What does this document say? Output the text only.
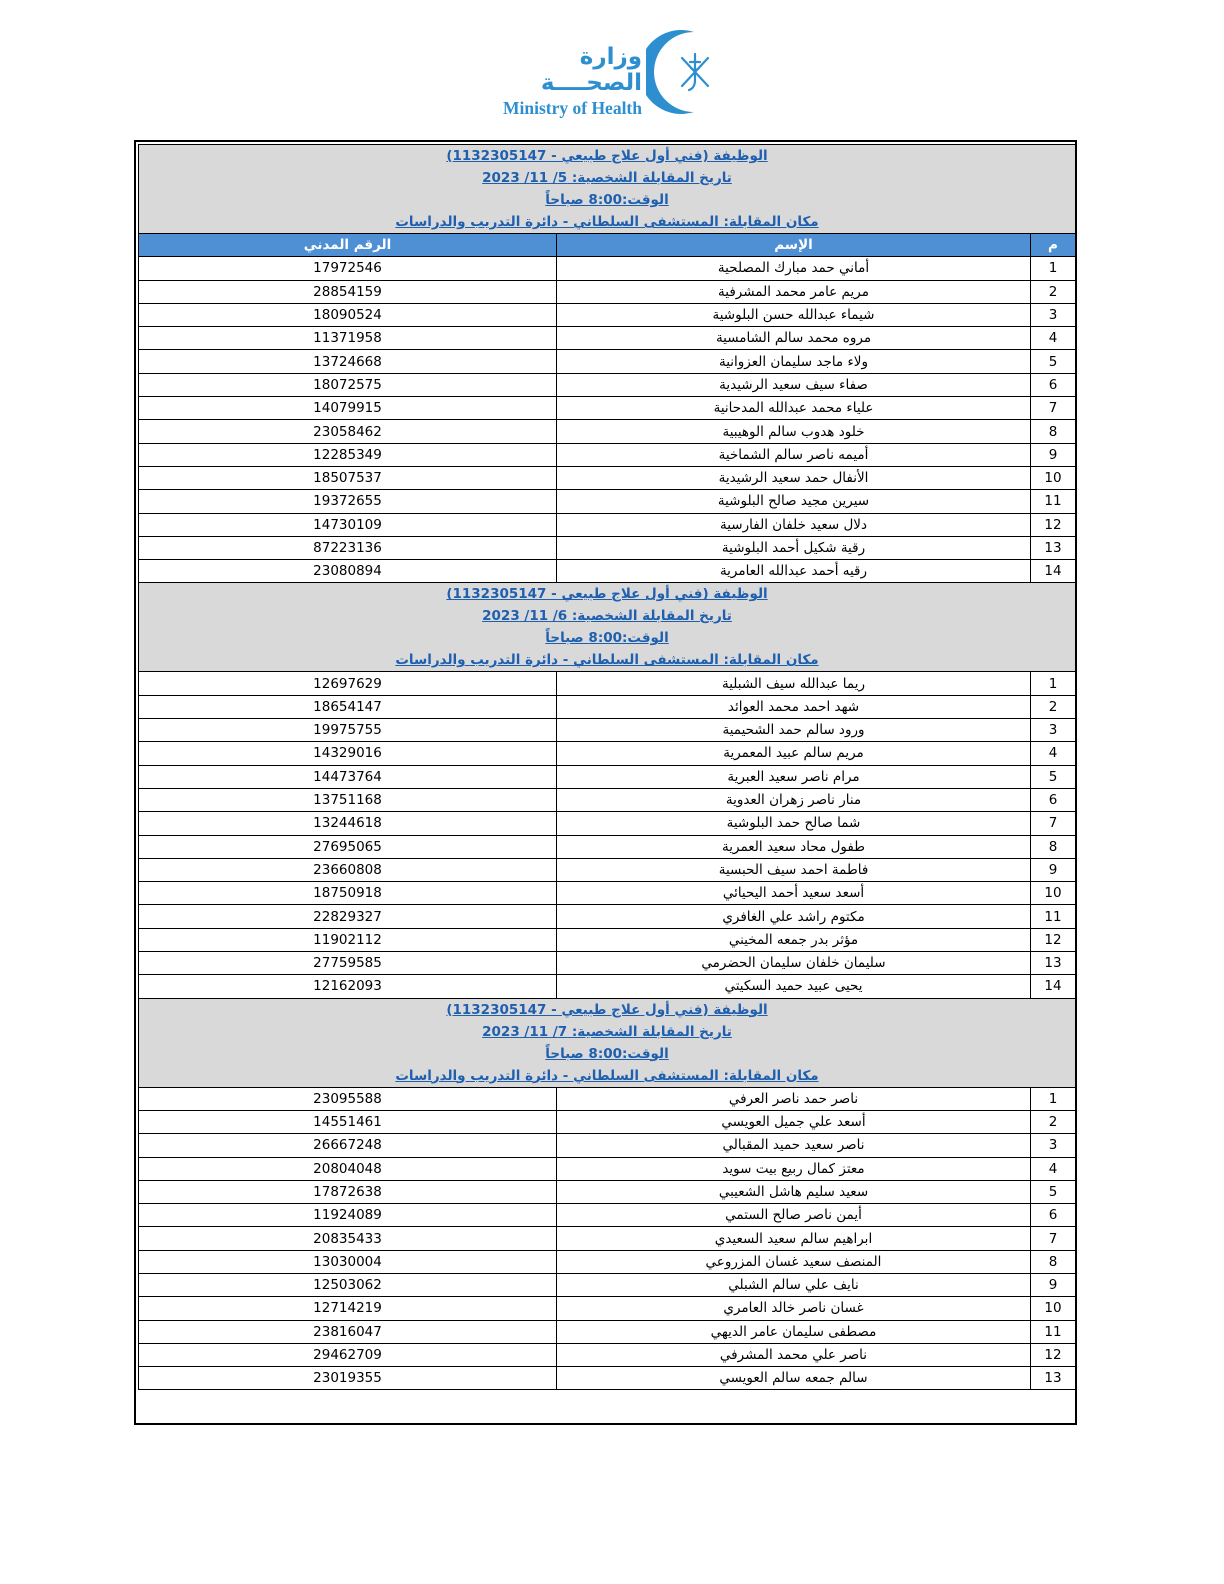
وزارة الصحــــة
Ministry of Health
الوظيفة (فني أول علاج طبيعي - 1132305147)
تاريخ المقابلة الشخصية: 5/ 11/ 2023
الوقت:8:00 صباحاً
مكان المقابلة: المستشفى السلطاني - دائرة التدريب والدراسات		

الرقم المدني	الإسم	م
17972546	أماني حمد مبارك المصلحية	1
28854159	مريم عامر محمد المشرفية	2
18090524	شيماء عبدالله حسن البلوشية	3
11371958	مروه محمد سالم الشامسية	4
13724668	ولاء ماجد سليمان العزوانية	5
18072575	صفاء سيف سعيد الرشيدية	6
14079915	علياء محمد عبدالله المدحانية	7
23058462	خلود هدوب سالم الوهيبية	8
12285349	أميمه ناصر سالم الشماخية	9
18507537	الأنفال حمد سعيد الرشيدية	10
19372655	سيرين مجيد صالح البلوشية	11
14730109	دلال سعيد خلفان الفارسية	12
87223136	رقية شكيل أحمد البلوشية	13
23080894	رقيه أحمد عبدالله العامرية	14

الوظيفة (فني أول علاج طبيعي - 1132305147)
تاريخ المقابلة الشخصية: 6/ 11/ 2023
الوقت:8:00 صباحاً
مكان المقابلة: المستشفى السلطاني - دائرة التدريب والدراسات		

12697629	ريما عبدالله سيف الشبلية	1
18654147	شهد احمد محمد العوائد	2
19975755	ورود سالم حمد الشحيمية	3
14329016	مريم سالم عبيد المعمرية	4
14473764	مرام ناصر سعيد العبرية	5
13751168	منار ناصر زهران العدوية	6
13244618	شما صالح حمد البلوشية	7
27695065	طفول محاد سعيد العمرية	8
23660808	فاطمة احمد سيف الحبسية	9
18750918	أسعد سعيد أحمد اليحيائي	10
22829327	مكتوم راشد علي الغافري	11
11902112	مؤثر بدر جمعه المخيني	12
27759585	سليمان خلفان سليمان الحضرمي	13
12162093	يحيى عبيد حميد السكيتي	14

الوظيفة (فني أول علاج طبيعي - 1132305147)
تاريخ المقابلة الشخصية: 7/ 11/ 2023
الوقت:8:00 صباحاً
مكان المقابلة: المستشفى السلطاني - دائرة التدريب والدراسات		

23095588	ناصر حمد ناصر العرفي	1
14551461	أسعد علي جميل العويسي	2
26667248	ناصر سعيد حميد المقبالي	3
20804048	معتز كمال ربيع بيت سويد	4
17872638	سعيد سليم هاشل الشعيبي	5
11924089	أيمن ناصر صالح الستمي	6
20835433	ابراهيم سالم سعيد السعيدي	7
13030004	المنصف سعيد غسان المزروعي	8
12503062	نايف علي سالم الشبلي	9
12714219	غسان ناصر خالد العامري	10
23816047	مصطفى سليمان عامر الديهي	11
29462709	ناصر علي محمد المشرفي	12
23019355	سالم جمعه سالم العويسي	13
